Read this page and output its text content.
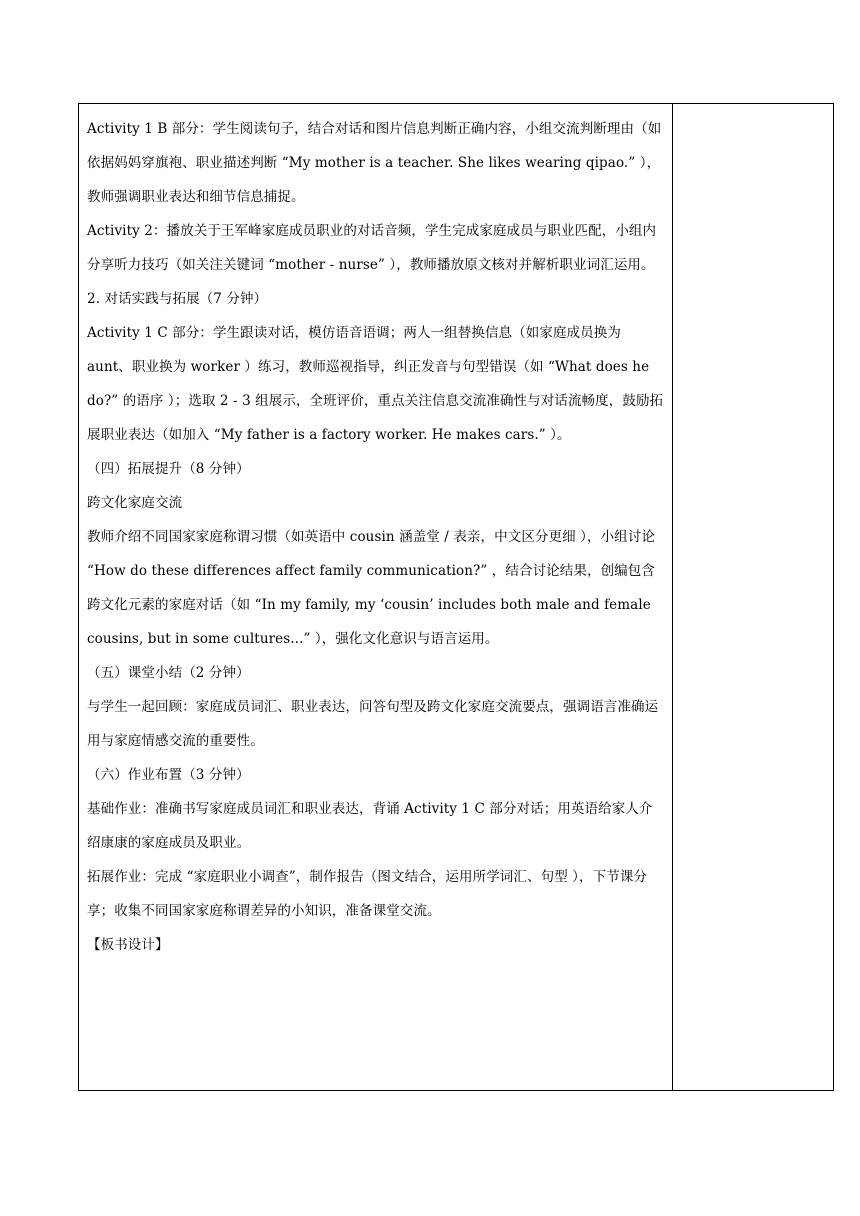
Activity 1 B 部分：学生阅读句子，结合对话和图片信息判断正确内容，小组交流判断理由（如依据妈妈穿旗袍、职业描述判断 “My mother is a teacher. She likes wearing qipao.” ），教师强调职业表达和细节信息捕捉。

Activity 2：播放关于王军峰家庭成员职业的对话音频，学生完成家庭成员与职业匹配，小组内分享听力技巧（如关注关键词 “mother - nurse” ），教师播放原文核对并解析职业词汇运用。

2. 对话实践与拓展（7 分钟）

Activity 1 C 部分：学生跟读对话，模仿语音语调；两人一组替换信息（如家庭成员换为 aunt、职业换为 worker ）练习，教师巡视指导，纠正发音与句型错误（如 “What does he do?” 的语序 ）；选取 2 - 3 组展示，全班评价，重点关注信息交流准确性与对话流畅度，鼓励拓展职业表达（如加入 “My father is a factory worker. He makes cars.” ）。

（四）拓展提升（8 分钟）

跨文化家庭交流

教师介绍不同国家家庭称谓习惯（如英语中 cousin 涵盖堂 / 表亲，中文区分更细 ），小组讨论 “How do these differences affect family communication?” ，结合讨论结果，创编包含跨文化元素的家庭对话（如 “In my family, my ‘cousin’ includes both male and female cousins, but in some cultures...” ），强化文化意识与语言运用。

（五）课堂小结（2 分钟）

与学生一起回顾：家庭成员词汇、职业表达，问答句型及跨文化家庭交流要点，强调语言准确运用与家庭情感交流的重要性。

（六）作业布置（3 分钟）

基础作业：准确书写家庭成员词汇和职业表达，背诵 Activity 1 C 部分对话；用英语给家人介绍康康的家庭成员及职业。

拓展作业：完成 “家庭职业小调查”，制作报告（图文结合，运用所学词汇、句型 ），下节课分享；收集不同国家家庭称谓差异的小知识，准备课堂交流。

【板书设计】
